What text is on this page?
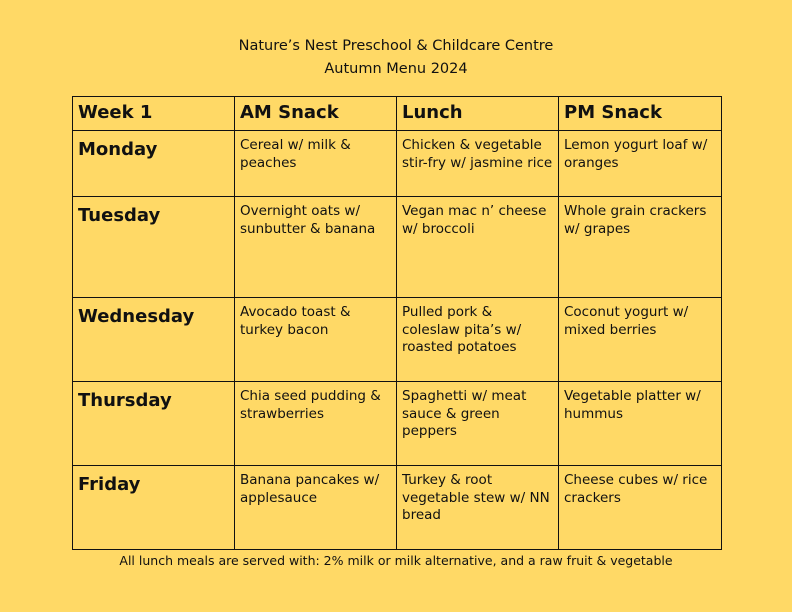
Nature’s Nest Preschool & Childcare Centre
Autumn Menu 2024
Week 1	AM Snack	Lunch	PM Snack
Monday	Cereal w/ milk & peaches	Chicken & vegetable stir-fry w/ jasmine rice	Lemon yogurt loaf w/ oranges
Tuesday	Overnight oats w/ sunbutter & banana	Vegan mac n’ cheese w/ broccoli	Whole grain crackers w/ grapes
Wednesday	Avocado toast & turkey bacon	Pulled pork & coleslaw pita’s w/ roasted potatoes	Coconut yogurt w/ mixed berries
Thursday	Chia seed pudding & strawberries	Spaghetti w/ meat sauce & green peppers	Vegetable platter w/ hummus
Friday	Banana pancakes w/ applesauce	Turkey & root vegetable stew w/ NN bread	Cheese cubes w/ rice crackers
All lunch meals are served with: 2% milk or milk alternative, and a raw fruit & vegetable
